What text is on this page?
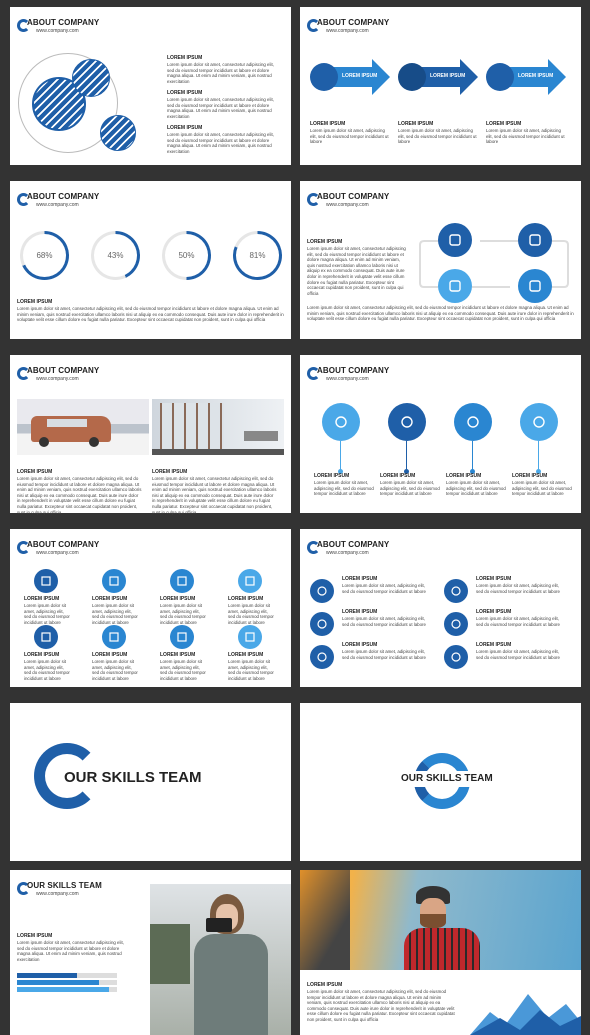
ABOUT COMPANY
www.company.com
LOREM IPSUM
Lorem ipsum dolor sit amet, consectetur adipiscing elit, sed do eiusmod tempor incididunt ut labore et dolore magna aliqua. Ut enim ad minim veniam, quis nostrud exercitation
LOREM IPSUM
Lorem ipsum dolor sit amet, consectetur adipiscing elit, sed do eiusmod tempor incididunt ut labore et dolore magna aliqua. Ut enim ad minim veniam, quis nostrud exercitation
LOREM IPSUM
Lorem ipsum dolor sit amet, consectetur adipiscing elit, sed do eiusmod tempor incididunt ut labore et dolore magna aliqua. Ut enim ad minim veniam, quis nostrud exercitation
ABOUT COMPANY
www.company.com
LOREM IPSUM	LOREM IPSUM	LOREM IPSUM
LOREM IPSUM
Lorem ipsum dolor sit amet, adipiscing elit, sed do eiusmod tempor incididunt ut labore
LOREM IPSUM
Lorem ipsum dolor sit amet, adipiscing elit, sed do eiusmod tempor incididunt ut labore
LOREM IPSUM
Lorem ipsum dolor sit amet, adipiscing elit, sed do eiusmod tempor incididunt ut labore
ABOUT COMPANY
www.company.com
68%	43%	50%	81%
LOREM IPSUM
Lorem ipsum dolor sit amet, consectetur adipiscing elit, sed do eiusmod tempor incididunt ut labore et dolore magna aliqua. Ut enim ad minim veniam, quis nostrud exercitation ullamco laboris nisi ut aliquip ex ea commodo consequat. Duis aute irure dolor in reprehenderit in voluptate velit esse cillum dolore eu fugiat nulla pariatur. Excepteur sint occaecat cupidatat non proident, sunt in culpa qui officia
ABOUT COMPANY
www.company.com
LOREM IPSUM
Lorem ipsum dolor sit amet, consectetur adipiscing elit, sed do eiusmod tempor incididunt ut labore et dolore magna aliqua. Ut enim ad minim veniam, quis nostrud exercitation ullamco laboris nisi ut aliquip ex ea commodo consequat. Duis aute irure dolor in reprehenderit in voluptate velit esse cillum dolore eu fugiat nulla pariatur. Excepteur sint occaecat cupidatat non proident, sunt in culpa qui officia
Lorem ipsum dolor sit amet, consectetur adipiscing elit, sed do eiusmod tempor incididunt ut labore et dolore magna aliqua. Ut enim ad minim veniam, quis nostrud exercitation ullamco laboris nisi ut aliquip ex ea commodo consequat. Duis aute irure dolor in reprehenderit in voluptate velit esse cillum dolore eu fugiat nulla pariatur. Excepteur sint occaecat cupidatat non proident, sunt in culpa qui officia
ABOUT COMPANY
www.company.com
LOREM IPSUM
Lorem ipsum dolor sit amet, consectetur adipiscing elit, sed do eiusmod tempor incididunt ut labore et dolore magna aliqua. Ut enim ad minim veniam, quis nostrud exercitation ullamco laboris nisi ut aliquip ex ea commodo consequat. Duis aute irure dolor in reprehenderit in voluptate velit esse cillum dolore eu fugiat nulla pariatur. Excepteur sint occaecat cupidatat non proident, sunt in culpa qui officia
LOREM IPSUM
Lorem ipsum dolor sit amet, consectetur adipiscing elit, sed do eiusmod tempor incididunt ut labore et dolore magna aliqua. Ut enim ad minim veniam, quis nostrud exercitation ullamco laboris nisi ut aliquip ex ea commodo consequat. Duis aute irure dolor in reprehenderit in voluptate velit esse cillum dolore eu fugiat nulla pariatur. Excepteur sint occaecat cupidatat non proident, sunt in culpa qui officia
ABOUT COMPANY
www.company.com
LOREM IPSUM
Lorem ipsum dolor sit amet, adipiscing elit, sed do eiusmod tempor incididunt ut labore
LOREM IPSUM
Lorem ipsum dolor sit amet, adipiscing elit, sed do eiusmod tempor incididunt ut labore
LOREM IPSUM
Lorem ipsum dolor sit amet, adipiscing elit, sed do eiusmod tempor incididunt ut labore
LOREM IPSUM
Lorem ipsum dolor sit amet, adipiscing elit, sed do eiusmod tempor incididunt ut labore
ABOUT COMPANY
www.company.com
LOREM IPSUM
Lorem ipsum dolor sit amet, adipiscing elit, sed do eiusmod tempor incididunt ut labore
LOREM IPSUM
Lorem ipsum dolor sit amet, adipiscing elit, sed do eiusmod tempor incididunt ut labore
LOREM IPSUM
Lorem ipsum dolor sit amet, adipiscing elit, sed do eiusmod tempor incididunt ut labore
LOREM IPSUM
Lorem ipsum dolor sit amet, adipiscing elit, sed do eiusmod tempor incididunt ut labore
LOREM IPSUM
Lorem ipsum dolor sit amet, adipiscing elit, sed do eiusmod tempor incididunt ut labore
LOREM IPSUM
Lorem ipsum dolor sit amet, adipiscing elit, sed do eiusmod tempor incididunt ut labore
LOREM IPSUM
Lorem ipsum dolor sit amet, adipiscing elit, sed do eiusmod tempor incididunt ut labore
LOREM IPSUM
Lorem ipsum dolor sit amet, adipiscing elit, sed do eiusmod tempor incididunt ut labore
ABOUT COMPANY
www.company.com
LOREM IPSUM
Lorem ipsum dolor sit amet, adipiscing elit, sed do eiusmod tempor incididunt ut labore
LOREM IPSUM
Lorem ipsum dolor sit amet, adipiscing elit, sed do eiusmod tempor incididunt ut labore
LOREM IPSUM
Lorem ipsum dolor sit amet, adipiscing elit, sed do eiusmod tempor incididunt ut labore
LOREM IPSUM
Lorem ipsum dolor sit amet, adipiscing elit, sed do eiusmod tempor incididunt ut labore
LOREM IPSUM
Lorem ipsum dolor sit amet, adipiscing elit, sed do eiusmod tempor incididunt ut labore
LOREM IPSUM
Lorem ipsum dolor sit amet, adipiscing elit, sed do eiusmod tempor incididunt ut labore
OUR SKILLS TEAM	OUR SKILLS TEAM
OUR SKILLS TEAM
www.company.com
LOREM IPSUM
Lorem ipsum dolor sit amet, consectetur adipiscing elit, sed do eiusmod tempor incididunt ut labore et dolore magna aliqua. Ut enim ad minim veniam, quis nostrud exercitation
LOREM IPSUM
Lorem ipsum dolor sit amet, consectetur adipiscing elit, sed do eiusmod tempor incididunt ut labore et dolore magna aliqua. Ut enim ad minim veniam, quis nostrud exercitation ullamco laboris nisi ut aliquip ex ea commodo consequat. Duis aute irure dolor in reprehenderit in voluptate velit esse cillum dolore eu fugiat nulla pariatur. Excepteur sint occaecat cupidatat non proident, sunt in culpa qui officia
